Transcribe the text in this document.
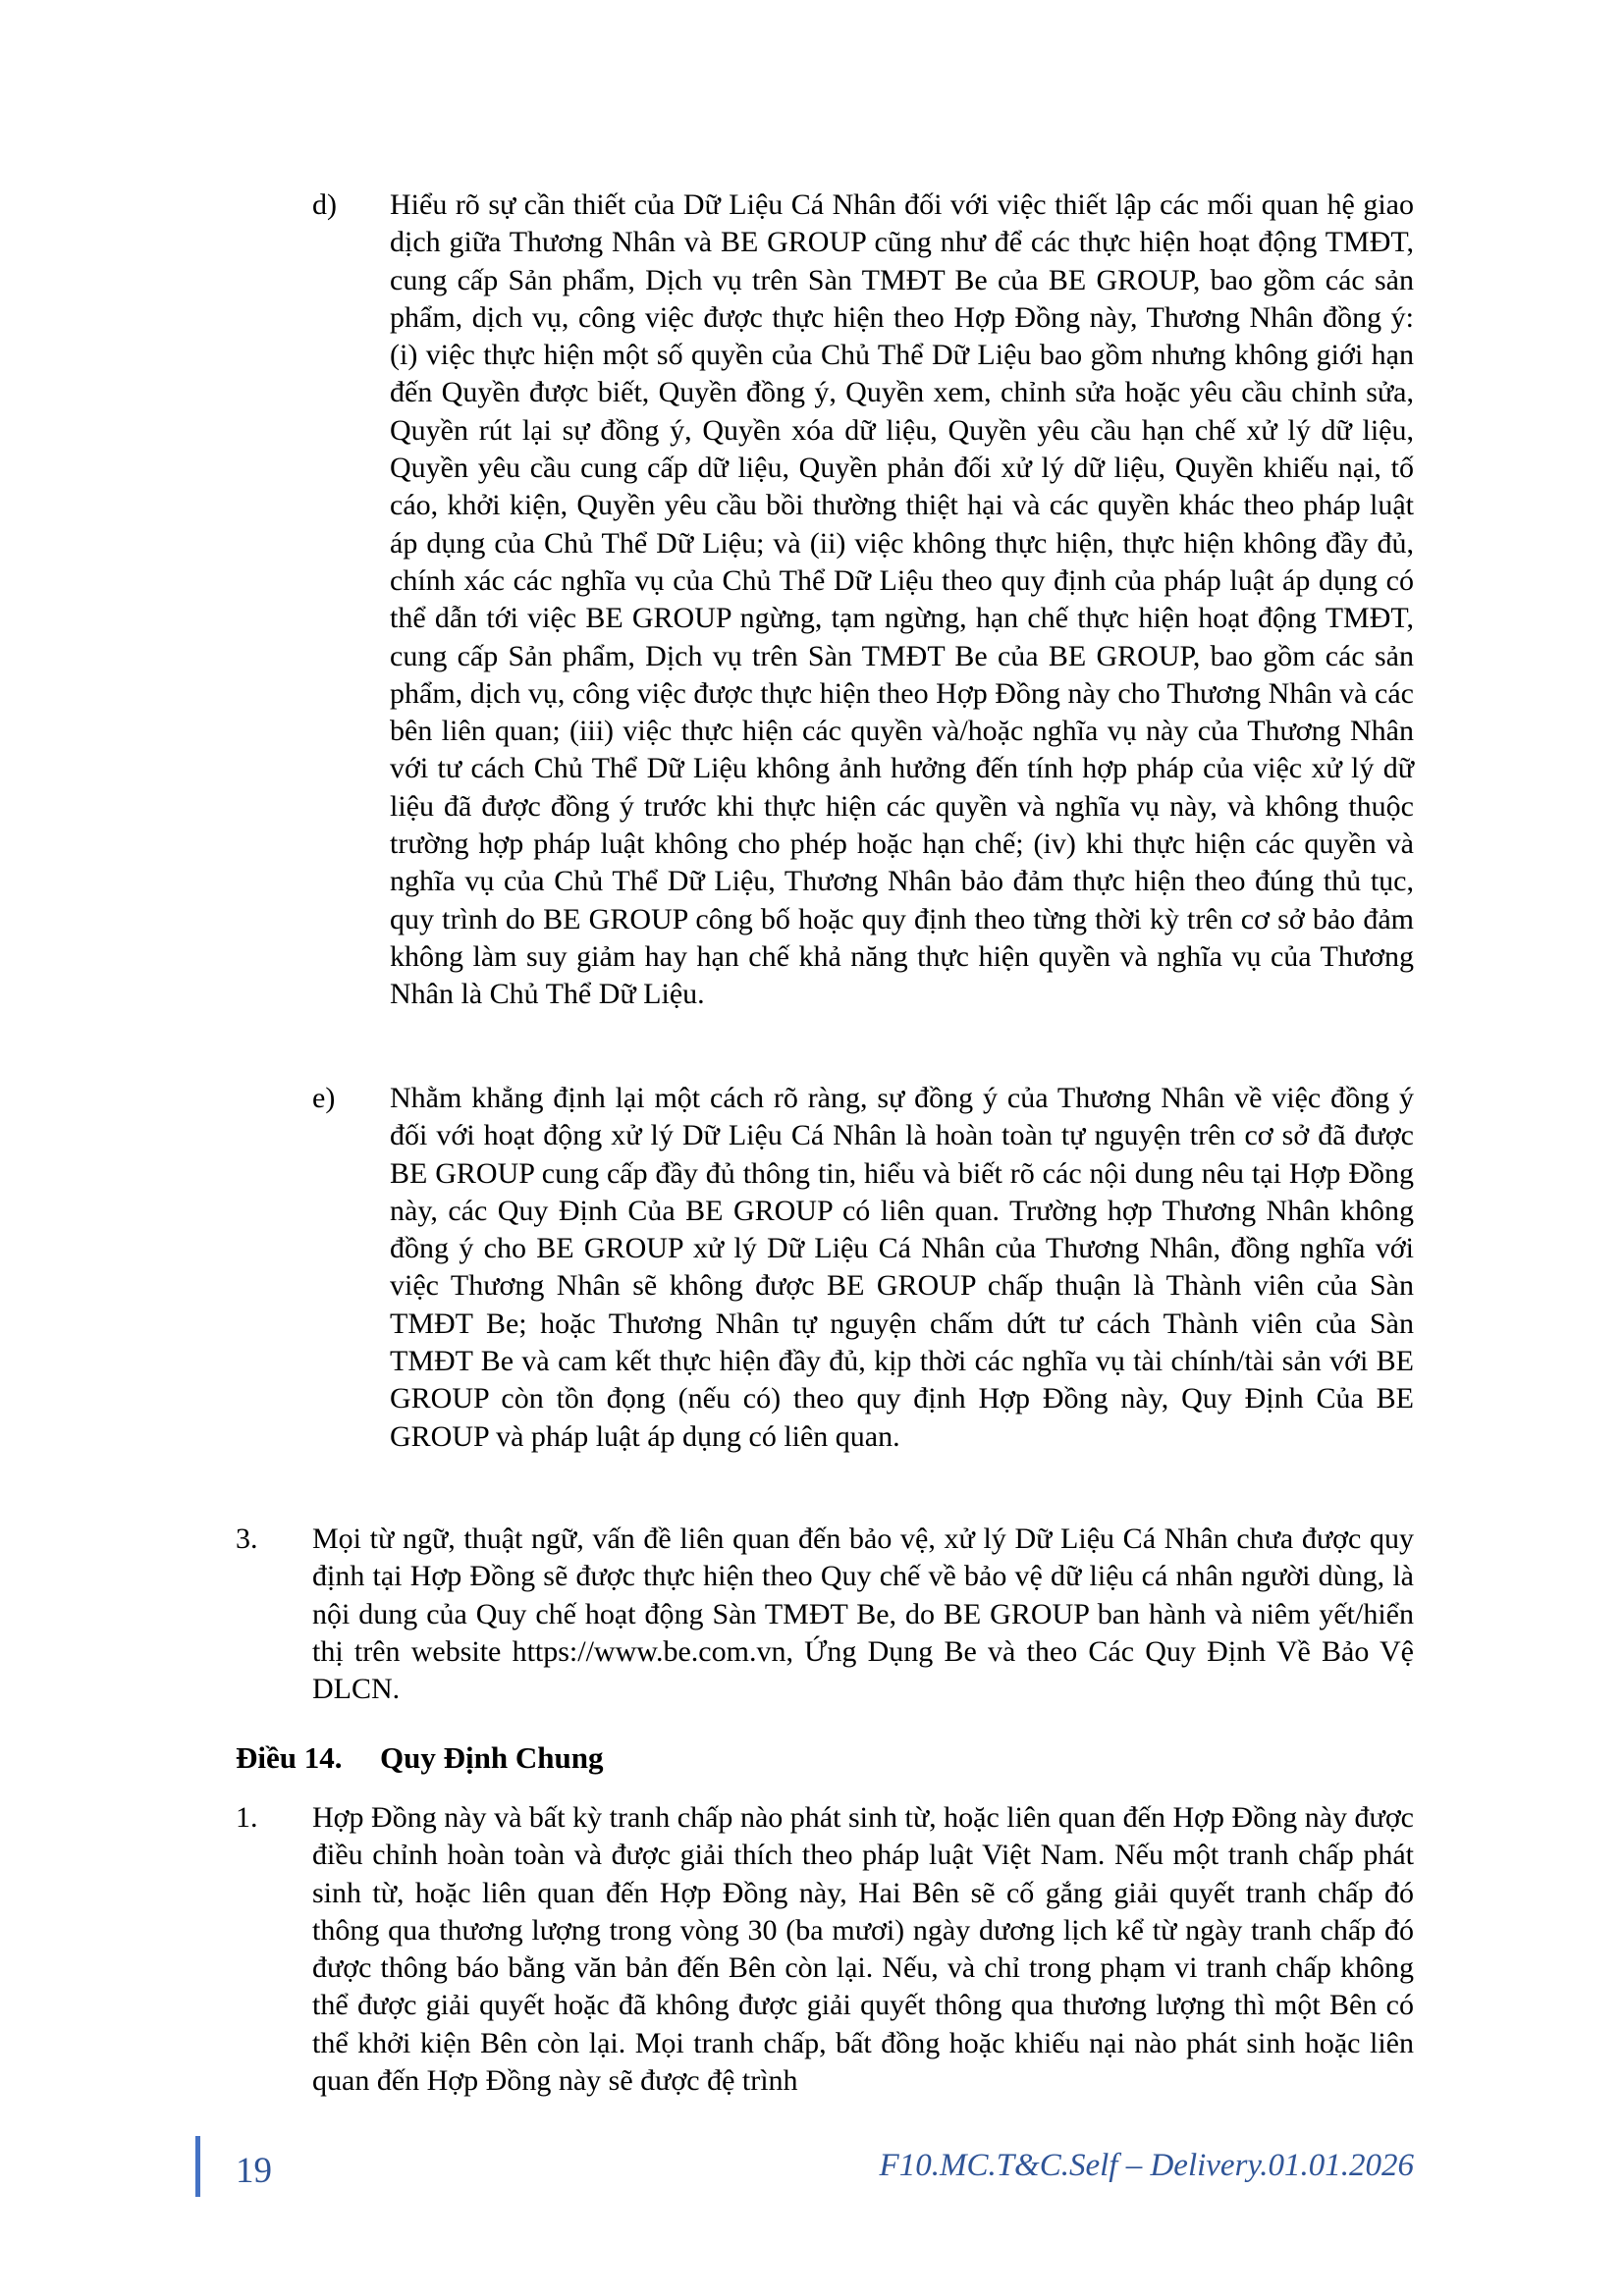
d) Hiểu rõ sự cần thiết của Dữ Liệu Cá Nhân đối với việc thiết lập các mối quan hệ giao dịch giữa Thương Nhân và BE GROUP cũng như để các thực hiện hoạt động TMĐT, cung cấp Sản phẩm, Dịch vụ trên Sàn TMĐT Be của BE GROUP, bao gồm các sản phẩm, dịch vụ, công việc được thực hiện theo Hợp Đồng này, Thương Nhân đồng ý: (i) việc thực hiện một số quyền của Chủ Thể Dữ Liệu bao gồm nhưng không giới hạn đến Quyền được biết, Quyền đồng ý, Quyền xem, chỉnh sửa hoặc yêu cầu chỉnh sửa, Quyền rút lại sự đồng ý, Quyền xóa dữ liệu, Quyền yêu cầu hạn chế xử lý dữ liệu, Quyền yêu cầu cung cấp dữ liệu, Quyền phản đối xử lý dữ liệu, Quyền khiếu nại, tố cáo, khởi kiện, Quyền yêu cầu bồi thường thiệt hại và các quyền khác theo pháp luật áp dụng của Chủ Thể Dữ Liệu; và (ii) việc không thực hiện, thực hiện không đầy đủ, chính xác các nghĩa vụ của Chủ Thể Dữ Liệu theo quy định của pháp luật áp dụng có thể dẫn tới việc BE GROUP ngừng, tạm ngừng, hạn chế thực hiện hoạt động TMĐT, cung cấp Sản phẩm, Dịch vụ trên Sàn TMĐT Be của BE GROUP, bao gồm các sản phẩm, dịch vụ, công việc được thực hiện theo Hợp Đồng này cho Thương Nhân và các bên liên quan; (iii) việc thực hiện các quyền và/hoặc nghĩa vụ này của Thương Nhân với tư cách Chủ Thể Dữ Liệu không ảnh hưởng đến tính hợp pháp của việc xử lý dữ liệu đã được đồng ý trước khi thực hiện các quyền và nghĩa vụ này, và không thuộc trường hợp pháp luật không cho phép hoặc hạn chế; (iv) khi thực hiện các quyền và nghĩa vụ của Chủ Thể Dữ Liệu, Thương Nhân bảo đảm thực hiện theo đúng thủ tục, quy trình do BE GROUP công bố hoặc quy định theo từng thời kỳ trên cơ sở bảo đảm không làm suy giảm hay hạn chế khả năng thực hiện quyền và nghĩa vụ của Thương Nhân là Chủ Thể Dữ Liệu.
e) Nhằm khẳng định lại một cách rõ ràng, sự đồng ý của Thương Nhân về việc đồng ý đối với hoạt động xử lý Dữ Liệu Cá Nhân là hoàn toàn tự nguyện trên cơ sở đã được BE GROUP cung cấp đầy đủ thông tin, hiểu và biết rõ các nội dung nêu tại Hợp Đồng này, các Quy Định Của BE GROUP có liên quan. Trường hợp Thương Nhân không đồng ý cho BE GROUP xử lý Dữ Liệu Cá Nhân của Thương Nhân, đồng nghĩa với việc Thương Nhân sẽ không được BE GROUP chấp thuận là Thành viên của Sàn TMĐT Be; hoặc Thương Nhân tự nguyện chấm dứt tư cách Thành viên của Sàn TMĐT Be và cam kết thực hiện đầy đủ, kịp thời các nghĩa vụ tài chính/tài sản với BE GROUP còn tồn đọng (nếu có) theo quy định Hợp Đồng này, Quy Định Của BE GROUP và pháp luật áp dụng có liên quan.
3. Mọi từ ngữ, thuật ngữ, vấn đề liên quan đến bảo vệ, xử lý Dữ Liệu Cá Nhân chưa được quy định tại Hợp Đồng sẽ được thực hiện theo Quy chế về bảo vệ dữ liệu cá nhân người dùng, là nội dung của Quy chế hoạt động Sàn TMĐT Be, do BE GROUP ban hành và niêm yết/hiển thị trên website https://www.be.com.vn, Ứng Dụng Be và theo Các Quy Định Về Bảo Vệ DLCN.
Điều 14. Quy Định Chung
1. Hợp Đồng này và bất kỳ tranh chấp nào phát sinh từ, hoặc liên quan đến Hợp Đồng này được điều chỉnh hoàn toàn và được giải thích theo pháp luật Việt Nam. Nếu một tranh chấp phát sinh từ, hoặc liên quan đến Hợp Đồng này, Hai Bên sẽ cố gắng giải quyết tranh chấp đó thông qua thương lượng trong vòng 30 (ba mươi) ngày dương lịch kể từ ngày tranh chấp đó được thông báo bằng văn bản đến Bên còn lại. Nếu, và chỉ trong phạm vi tranh chấp không thể được giải quyết hoặc đã không được giải quyết thông qua thương lượng thì một Bên có thể khởi kiện Bên còn lại. Mọi tranh chấp, bất đồng hoặc khiếu nại nào phát sinh hoặc liên quan đến Hợp Đồng này sẽ được đệ trình
19	F10.MC.T&C.Self – Delivery.01.01.2026
